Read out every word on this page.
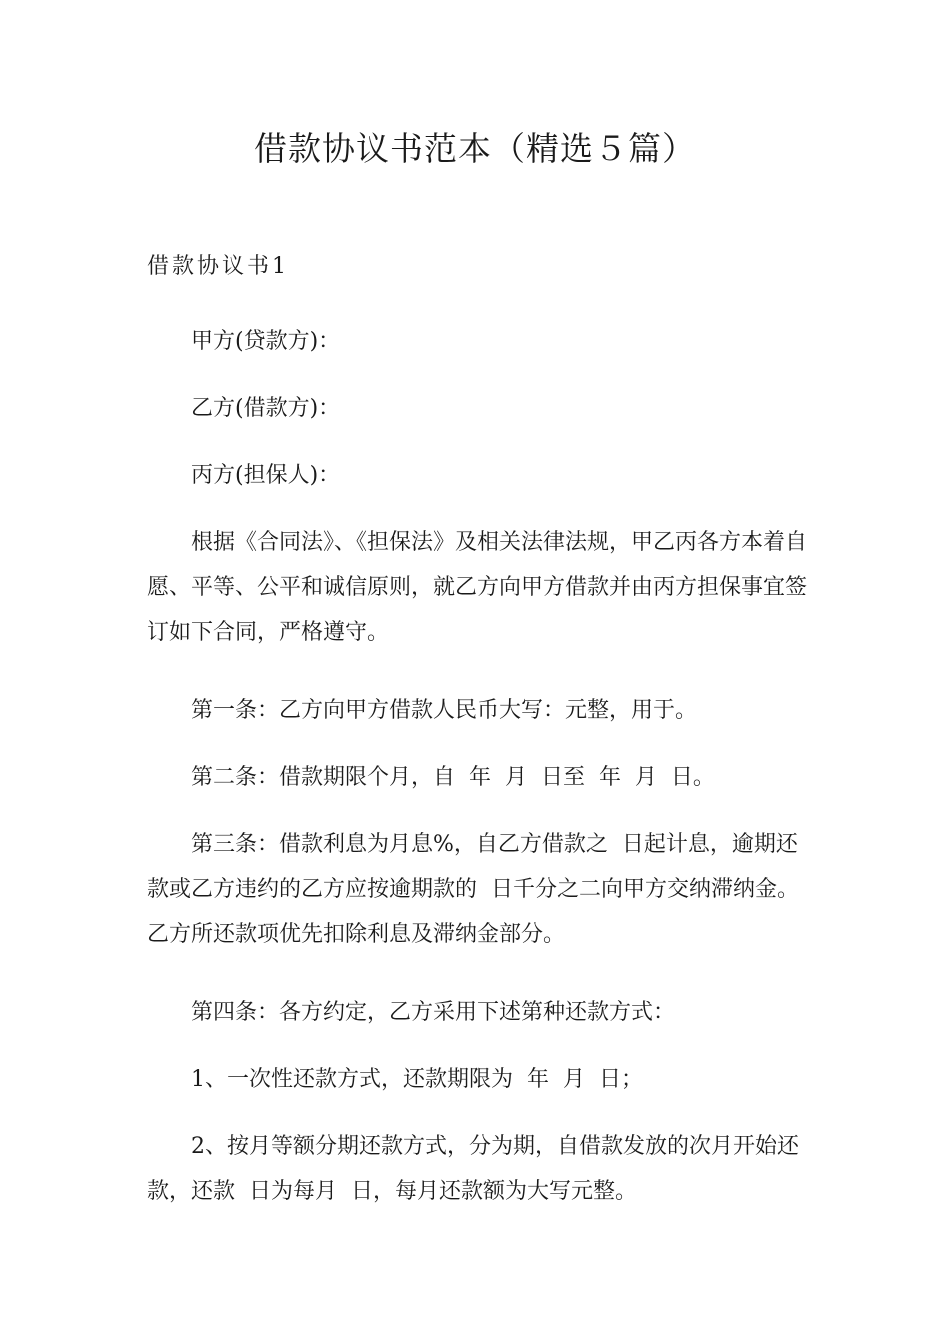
借款协议书范本（精选５篇）
借款协议书1

甲方(贷款方)：

乙方(借款方)：

丙方(担保人)：

根据《合同法》、《担保法》及相关法律法规，甲乙丙各方本着自愿、平等、公平和诚信原则，就乙方向甲方借款并由丙方担保事宜签订如下合同，严格遵守。

第一条：乙方向甲方借款人民币大写：元整，用于。

第二条：借款期限个月，自  年  月  日至  年  月  日。

第三条：借款利息为月息%，自乙方借款之  日起计息，逾期还款或乙方违约的乙方应按逾期款的  日千分之二向甲方交纳滞纳金。乙方所还款项优先扣除利息及滞纳金部分。

第四条：各方约定，乙方采用下述第种还款方式：

1、一次性还款方式，还款期限为  年  月  日；

2、按月等额分期还款方式，分为期，自借款发放的次月开始还款，还款  日为每月  日，每月还款额为大写元整。
